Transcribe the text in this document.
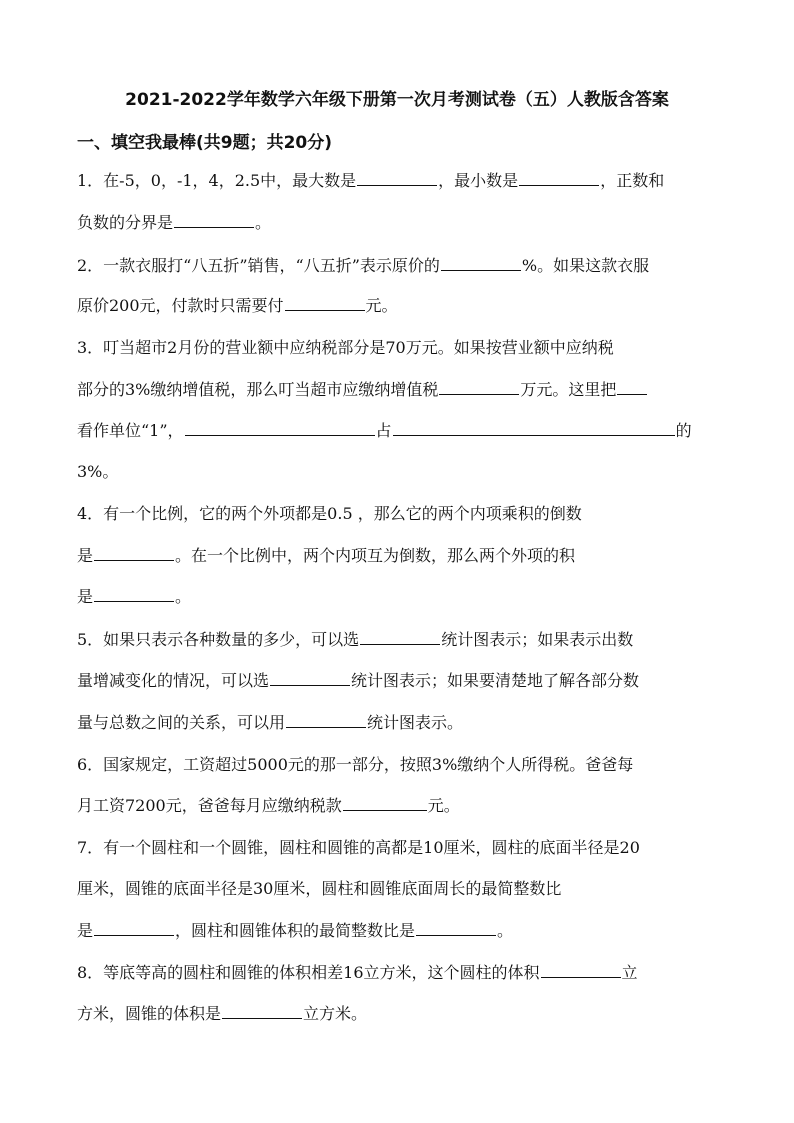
2021-2022学年数学六年级下册第一次月考测试卷（五）人教版含答案
一、填空我最棒(共9题；共20分)
1．在-5，0，-1，4，2.5中，最大数是	，最小数是	，正数和
负数的分界是	。
2．一款衣服打“八五折”销售，“八五折”表示原价的	%。如果这款衣服
原价200元，付款时只需要付	元。
3．叮当超市2月份的营业额中应纳税部分是70万元。如果按营业额中应纳税
部分的3%缴纳增值税，那么叮当超市应缴纳增值税	万元。这里把
看作单位“1”，	占	的
3%。
4．有一个比例，它的两个外项都是0.5 ，那么它的两个内项乘积的倒数
是	。在一个比例中，两个内项互为倒数，那么两个外项的积
是	。
5．如果只表示各种数量的多少，可以选	统计图表示；如果表示出数
量增减变化的情况，可以选	统计图表示；如果要清楚地了解各部分数
量与总数之间的关系，可以用	统计图表示。
6．国家规定，工资超过5000元的那一部分，按照3%缴纳个人所得税。爸爸每
月工资7200元，爸爸每月应缴纳税款	元。
7．有一个圆柱和一个圆锥，圆柱和圆锥的高都是10厘米，圆柱的底面半径是20
厘米，圆锥的底面半径是30厘米，圆柱和圆锥底面周长的最简整数比
是	，圆柱和圆锥体积的最简整数比是	。
8．等底等高的圆柱和圆锥的体积相差16立方米，这个圆柱的体积	立
方米，圆锥的体积是	立方米。
